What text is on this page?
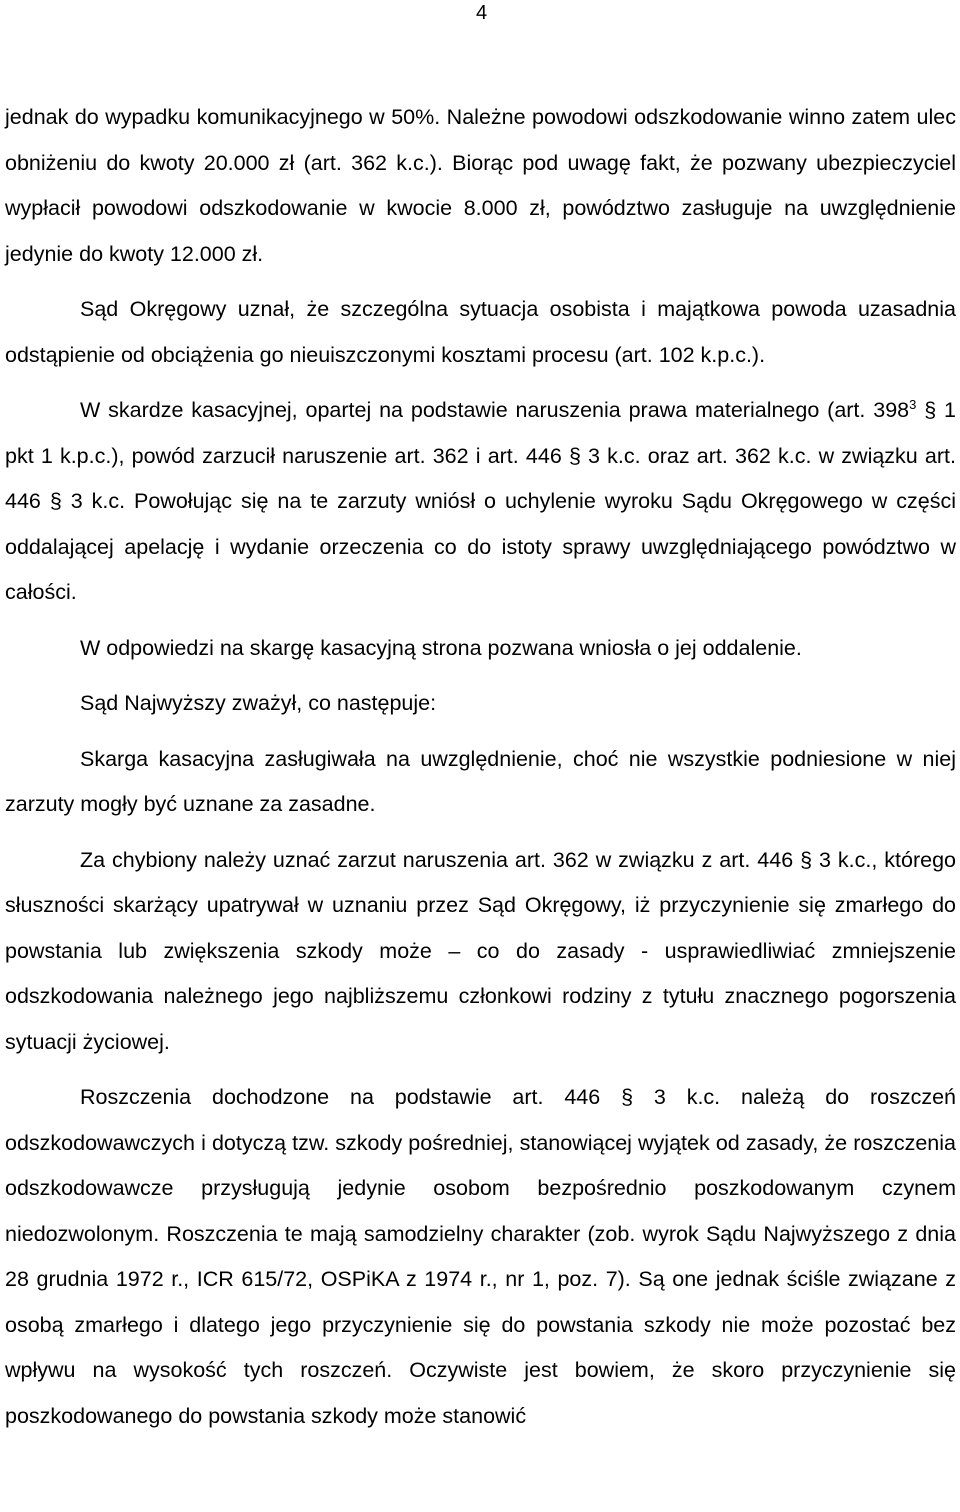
4

jednak do wypadku komunikacyjnego w 50%. Należne powodowi odszkodowanie winno zatem ulec obniżeniu do kwoty 20.000 zł (art. 362 k.c.). Biorąc pod uwagę fakt, że pozwany ubezpieczyciel wypłacił powodowi odszkodowanie w kwocie 8.000 zł, powództwo zasługuje na uwzględnienie jedynie do kwoty 12.000 zł.

Sąd Okręgowy uznał, że szczególna sytuacja osobista i majątkowa powoda uzasadnia odstąpienie od obciążenia go nieuiszczonymi kosztami procesu (art. 102 k.p.c.).

W skardze kasacyjnej, opartej na podstawie naruszenia prawa materialnego (art. $398^3$ § 1 pkt 1 k.p.c.), powód zarzucił naruszenie art. 362 i art. 446 § 3 k.c. oraz art. 362 k.c. w związku art. 446 § 3 k.c. Powołując się na te zarzuty wniósł o uchylenie wyroku Sądu Okręgowego w części oddalającej apelację i wydanie orzeczenia co do istoty sprawy uwzględniającego powództwo w całości.

W odpowiedzi na skargę kasacyjną strona pozwana wniosła o jej oddalenie.

Sąd Najwyższy zważył, co następuje:

Skarga kasacyjna zasługiwała na uwzględnienie, choć nie wszystkie podniesione w niej zarzuty mogły być uznane za zasadne.

Za chybiony należy uznać zarzut naruszenia art. 362 w związku z art. 446 § 3 k.c., którego słuszności skarżący upatrywał w uznaniu przez Sąd Okręgowy, iż przyczynienie się zmarłego do powstania lub zwiększenia szkody może – co do zasady - usprawiedliwiać zmniejszenie odszkodowania należnego jego najbliższemu członkowi rodziny z tytułu znacznego pogorszenia sytuacji życiowej.

Roszczenia dochodzone na podstawie art. 446 § 3 k.c. należą do roszczeń odszkodowawczych i dotyczą tzw. szkody pośredniej, stanowiącej wyjątek od zasady, że roszczenia odszkodowawcze przysługują jedynie osobom bezpośrednio poszkodowanym czynem niedozwolonym. Roszczenia te mają samodzielny charakter (zob. wyrok Sądu Najwyższego z dnia 28 grudnia 1972 r., ICR 615/72, OSPiKA z 1974 r., nr 1, poz. 7). Są one jednak ściśle związane z osobą zmarłego i dlatego jego przyczynienie się do powstania szkody nie może pozostać bez wpływu na wysokość tych roszczeń. Oczywiste jest bowiem, że skoro przyczynienie się poszkodowanego do powstania szkody może stanowić
